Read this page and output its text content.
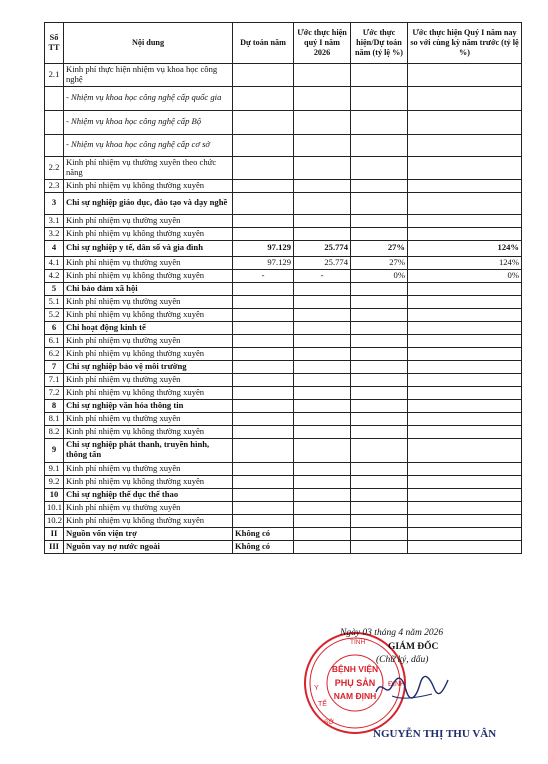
Số TT	Nội dung	Dự toán năm	Ước thực hiện quý I năm 2026	Ước thực hiện/Dự toán năm (tỷ lệ %)	Ước thực hiện Quý I năm nay so với cùng kỳ năm trước (tỷ lệ %)
2.1	Kinh phí thực hiện nhiệm vụ khoa học công nghệ				
	- Nhiệm vụ khoa học công nghệ cấp quốc gia				
	- Nhiệm vụ khoa học công nghệ cấp Bộ				
	- Nhiệm vụ khoa học công nghệ cấp cơ sở				
2.2	Kinh phí nhiệm vụ thường xuyên theo chức năng				
2.3	Kinh phí nhiệm vụ không thường xuyên				
3	Chi sự nghiệp giáo dục, đào tạo và dạy nghề				
3.1	Kinh phí nhiệm vụ thường xuyên				
3.2	Kinh phí nhiệm vụ không thường xuyên				
4	Chi sự nghiệp y tế, dân số và gia đình	97.129	25.774	27%	124%
4.1	Kinh phí nhiệm vụ thường xuyên	97.129	25.774	27%	124%
4.2	Kinh phí nhiệm vụ không thường xuyên	-	-	0%	0%
5	Chi bảo đảm xã hội				
5.1	Kinh phí nhiệm vụ thường xuyên				
5.2	Kinh phí nhiệm vụ không thường xuyên				
6	Chi hoạt động kinh tế				
6.1	Kinh phí nhiệm vụ thường xuyên				
6.2	Kinh phí nhiệm vụ không thường xuyên				
7	Chi sự nghiệp bảo vệ môi trường				
7.1	Kinh phí nhiệm vụ thường xuyên				
7.2	Kinh phí nhiệm vụ không thường xuyên				
8	Chi sự nghiệp văn hóa thông tin				
8.1	Kinh phí nhiệm vụ thường xuyên				
8.2	Kinh phí nhiệm vụ không thường xuyên				
9	Chi sự nghiệp phát thanh, truyền hình, thông tấn				
9.1	Kinh phí nhiệm vụ thường xuyên				
9.2	Kinh phí nhiệm vụ không thường xuyên				
10	Chi sự nghiệp thể dục thể thao				
10.1	Kinh phí nhiệm vụ thường xuyên				
10.2	Kinh phí nhiệm vụ không thường xuyên				
II	Nguồn vốn viện trợ	Không có			
III	Nguồn vay nợ nước ngoài	Không có			
BỆNH VIỆN
PHỤ SẢN
NAM ĐỊNH
Y
TẾ
TỈNH
SỞ
ĐỊNH
Ngày 03 tháng 4 năm 2026
GIÁM ĐỐC
(Chữ ký, dấu)
NGUYỄN THỊ THU VÂN
